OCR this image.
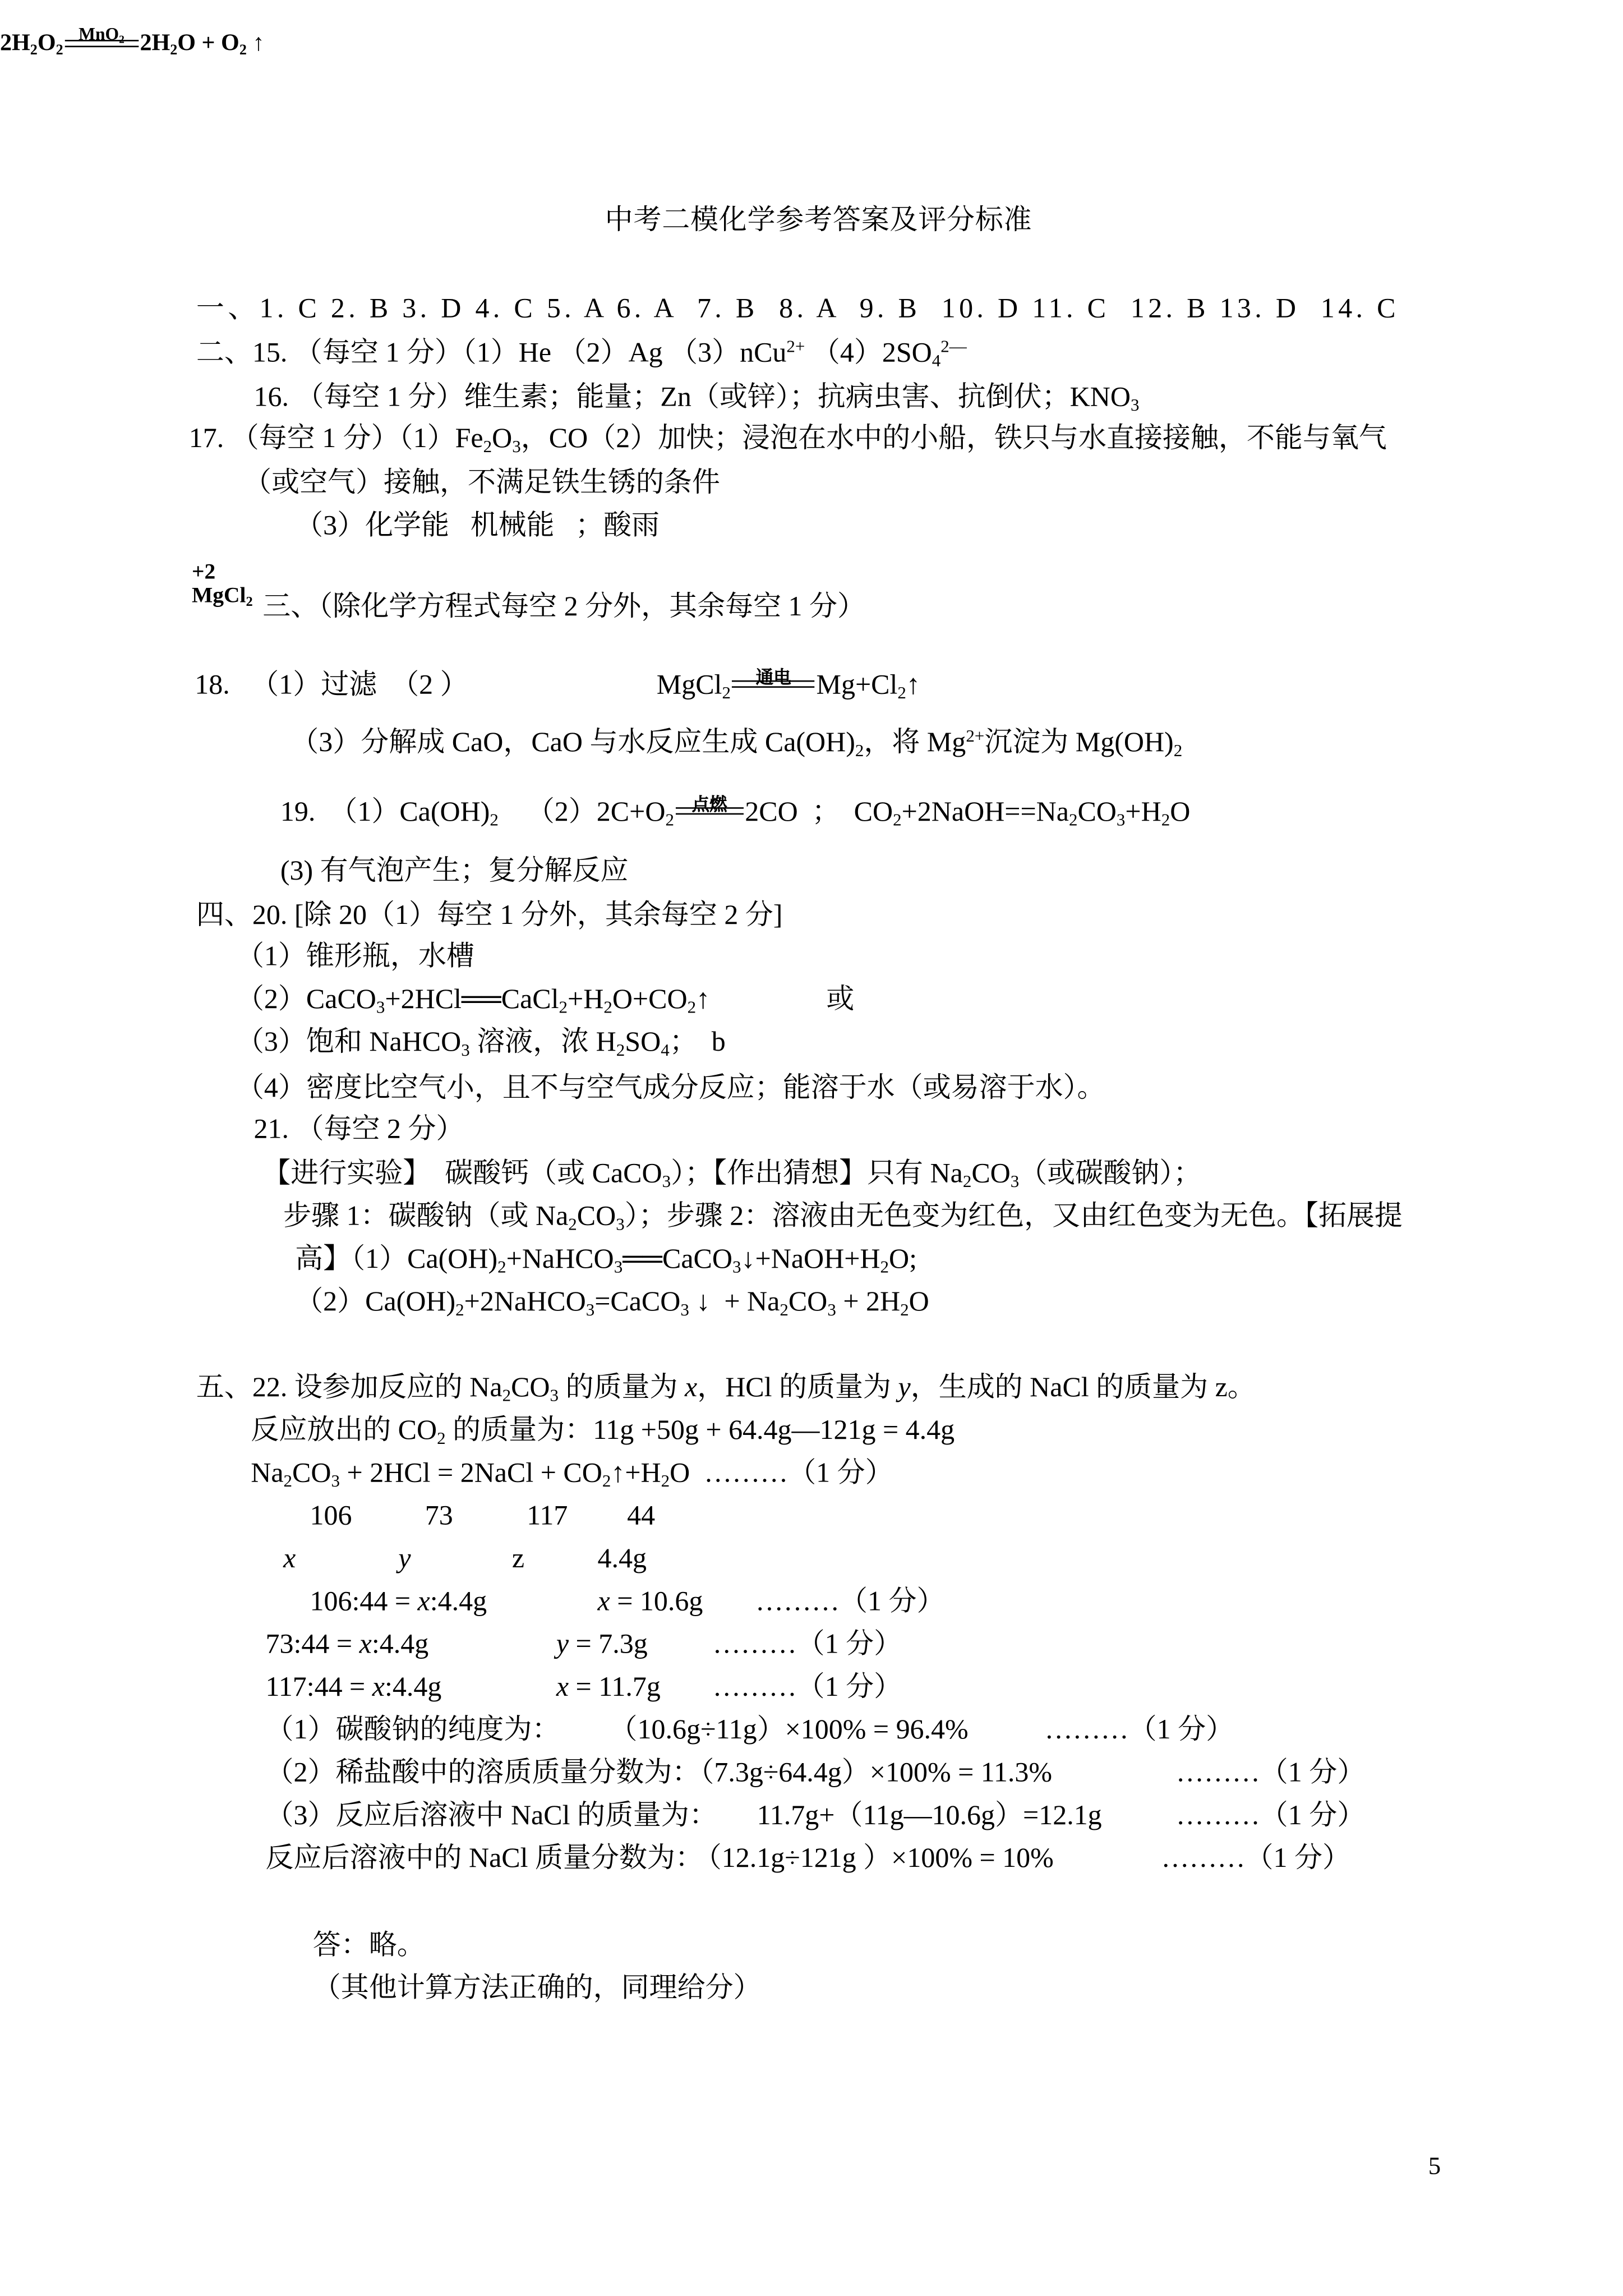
$2H_2O_2$
MnO$_2$	$2H_2O + O_2$ ↑
中考二模化学参考答案及评分标准
一、1. C 2. B 3. D 4. C 5. A 6. A  7. B  8. A  9. B  10. D 11. C  12. B 13. D  14. C
二、15. （每空 1 分）（1）He （2）Ag （3）nCu$^{2+}$ $(4)2SO_4^{2—}$
16. （每空 1 分）维生素；能量；Zn（或锌）；抗病虫害、抗倒伏；$KNO_3$
17. （每空 1 分）$(1)Fe_2O_3$，CO（2）加快；浸泡在水中的小船，铁只与水直接接触，不能与氧气
（或空气）接触，不满足铁生锈的条件
（3）化学能   机械能   ；酸雨
+2
MgCl$_2$ 三、（除化学方程式每空 2 分外，其余每空 1 分）
18.   （1）过滤  （2 ）	MgCl$_2$
通电	$Mg+Cl_2↑$
（3）分解成 CaO，CaO 与水反应生成 $Ca(OH)_2$，将 $Mg^{2+}$沉淀为 $Mg(OH)_2$
19.  $(1)Ca(OH)_2$    $(2)2C+O_2$
点燃	2CO  ；  $CO_2+2NaOH==Na_2CO_3+H_2O$
(3) 有气泡产生；复分解反应
四、20. [除 20（1）每空 1 分外，其余每空 2 分]
（1）锥形瓶，水槽
$(2)CaCO_3+2HCl══CaCl_2+H_2O+CO_2↑$	或
（3）饱和 NaHCO$_3$ 溶液，浓 $H_2SO_4$；  b
（4）密度比空气小，且不与空气成分反应；能溶于水（或易溶于水）。
21. （每空 2 分）
【进行实验】  碳酸钙（或 CaCO$_3$）；【作出猜想】只有 $Na_2CO_3$（或碳酸钠）；
步骤 1：碳酸钠（或 $Na_2CO_3$）；步骤 2：溶液由无色变为红色，又由红色变为无色。【拓展提
高】$(1)Ca(OH)_2+NaHCO_3══CaCO_3↓+NaOH+H_2O$;
$(2)Ca(OH)_2+2NaHCO_3=CaCO_3$ ↓  + $Na_2CO_3 + 2H_2O$
五、22. 设参加反应的 $Na_2CO_3$ 的质量为 x，HCl 的质量为 y，生成的 NaCl 的质量为 z。
反应放出的 $CO_2$ 的质量为：11g +50g + 64.4g—121g = 4.4g
$Na_2CO_3 + 2HCl$ = 2NaCl + $CO_2↑+H_2O$  ………（1 分）
106	73	117	44
x	y	z	4.4g
106:44 = x:4.4g	x = 10.6g	………（1 分）
73:44 = x:4.4g	y = 7.3g	………（1 分）
117:44 = x:4.4g	x = 11.7g	………（1 分）
（1）碳酸钠的纯度为：	（10.6g÷11g）×100% = 96.4%	………（1 分）
（2）稀盐酸中的溶质质量分数为：（7.3g÷64.4g）×100% = 11.3%	………（1 分）
（3）反应后溶液中 NaCl 的质量为：	11.7g+（11g—10.6g）=12.1g	………（1 分）
反应后溶液中的 NaCl 质量分数为： （12.1g÷121g ）×100% = 10%	………（1 分）
答：略。
（其他计算方法正确的，同理给分）
5
